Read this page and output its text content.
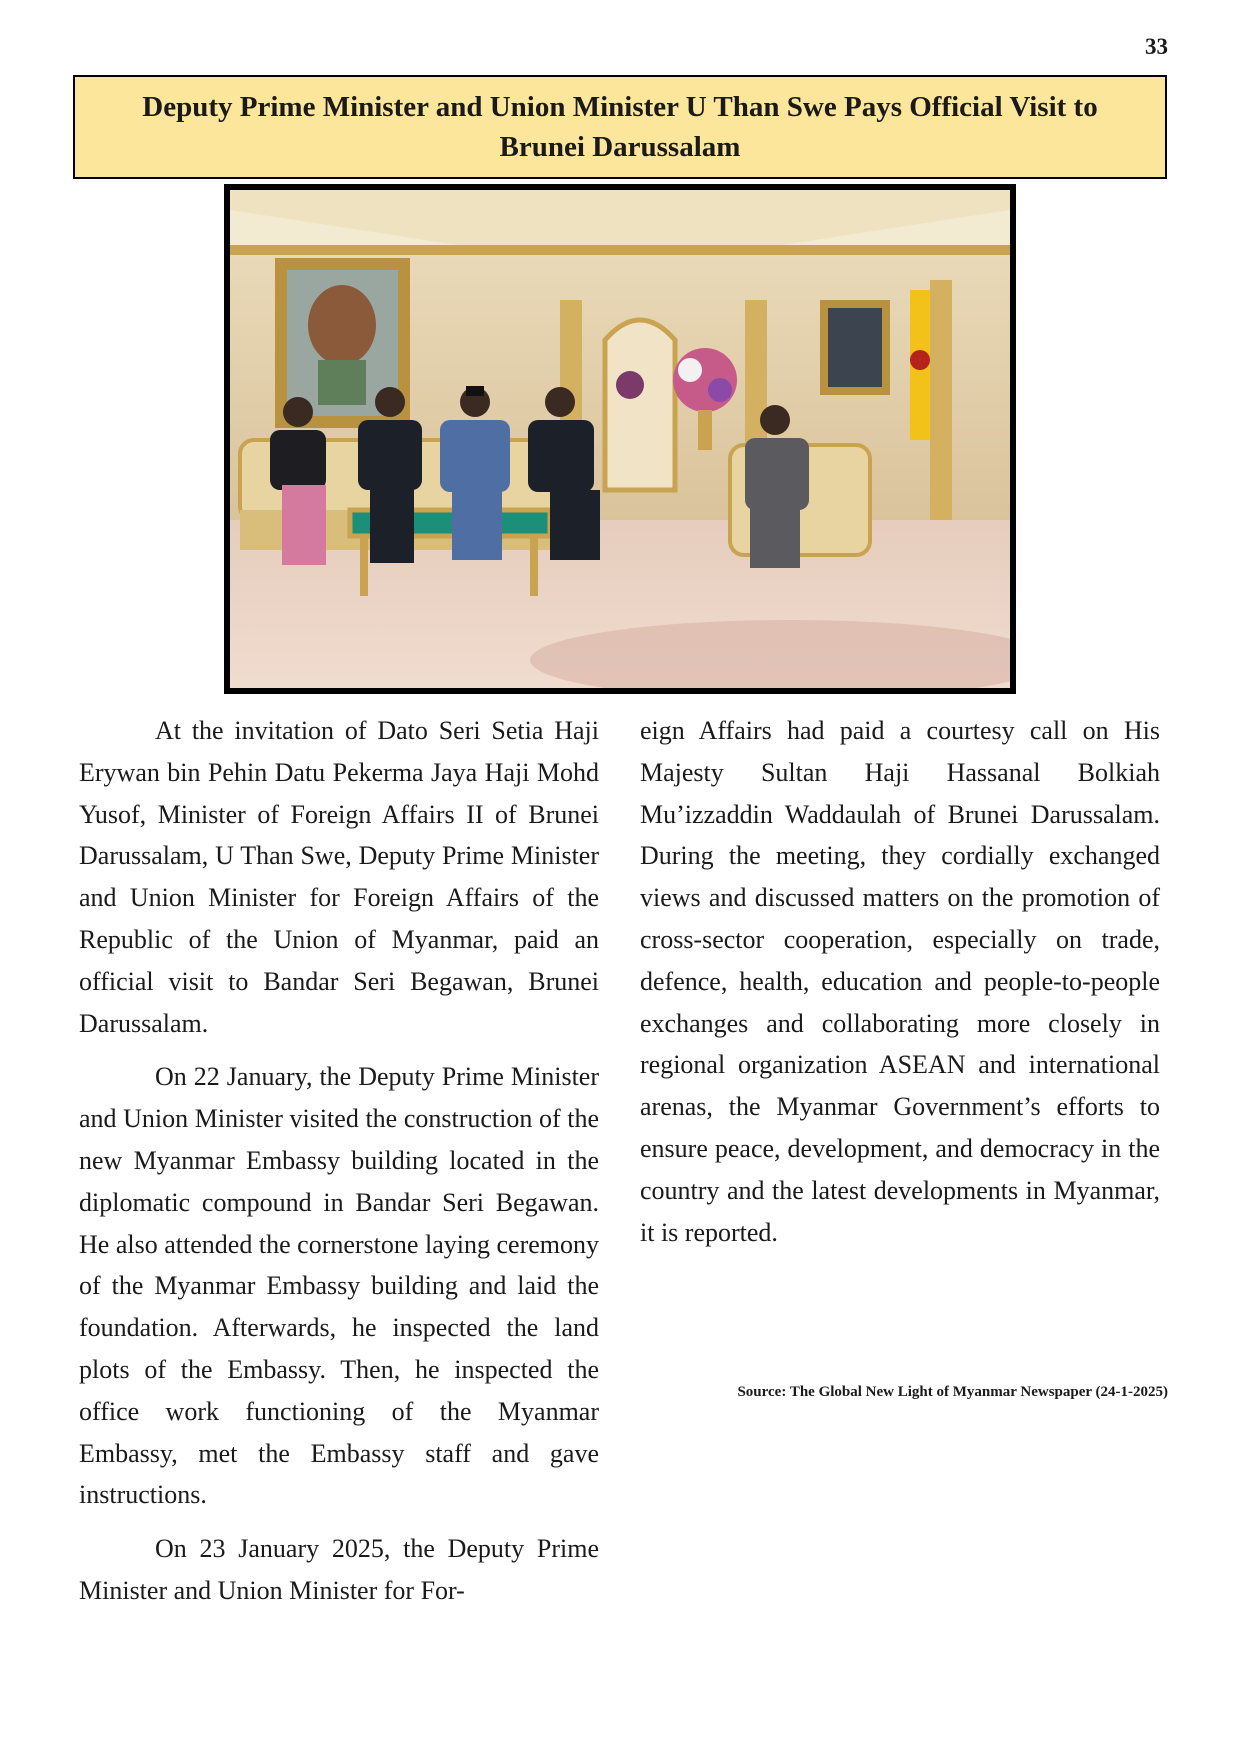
33
Deputy Prime Minister and Union Minister U Than Swe Pays Official Visit to Brunei Darussalam

At the invitation of Dato Seri Setia Haji Erywan bin Pehin Datu Pekerma Jaya Haji Mohd Yusof, Minister of Foreign Affairs II of Brunei Darussalam, U Than Swe, Deputy Prime Minister and Union Minister for Foreign Affairs of the Republic of the Union of Myanmar, paid an official visit to Bandar Seri Begawan, Brunei Darussalam.

On 22 January, the Deputy Prime Minister and Union Minister visited the construction of the new Myanmar Embassy building located in the diplomatic compound in Bandar Seri Begawan. He also attended the cornerstone laying ceremony of the Myanmar Embassy building and laid the foundation. Afterwards, he inspected the land plots of the Embassy. Then, he inspected the office work functioning of the Myanmar Embassy, met the Embassy staff and gave instructions.

On 23 January 2025, the Deputy Prime Minister and Union Minister for For-

eign Affairs had paid a courtesy call on His Majesty Sultan Haji Hassanal Bolkiah Mu’izzaddin Waddaulah of Brunei Darussalam. During the meeting, they cordially exchanged views and discussed matters on the promotion of cross-sector cooperation, especially on trade, defence, health, education and people-to-people exchanges and collaborating more closely in regional organization ASEAN and international arenas, the Myanmar Government’s efforts to ensure peace, development, and democracy in the country and the latest developments in Myanmar, it is reported.

Source: The Global New Light of Myanmar Newspaper (24-1-2025)
